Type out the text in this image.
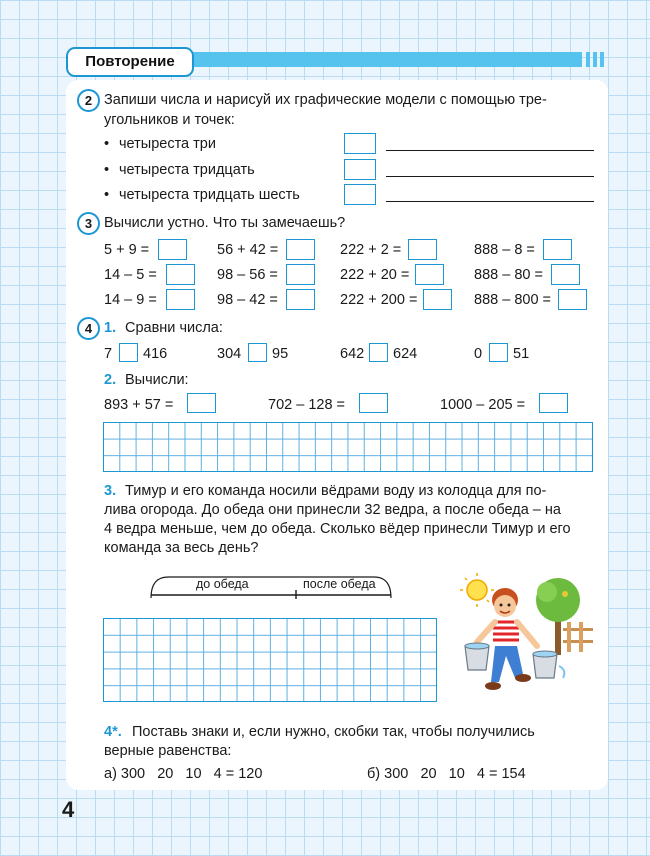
Повторение
2 Запиши числа и нарисуй их графические модели с помощью тре-
угольников и точек:
• четыреста три
• четыреста тридцать
• четыреста тридцать шесть
3 Вычисли устно. Что ты замечаешь?
5 + 9 =	56 + 42 =	222 + 2 =	888 – 8 =
14 – 5 =	98 – 56 =	222 + 20 =	888 – 80 =
14 – 9 =	98 – 42 =	222 + 200 =	888 – 800 =
4 1. Сравни числа:
7 416	304 95	642 624	0 51
2. Вычисли:
893 + 57 =	702 – 128 =	1000 – 205 =
3. Тимур и его команда носили вёдрами воду из колодца для по-
лива огорода. До обеда они принесли 32 ведра, а после обеда – на
4 ведра меньше, чем до обеда. Сколько вёдер принесли Тимур и его
команда за весь день?
до обеда	после обеда
4*. Поставь знаки и, если нужно, скобки так, чтобы получились
верные равенства:
а) 300   20   10   4 = 120	б) 300   20   10   4 = 154
4
